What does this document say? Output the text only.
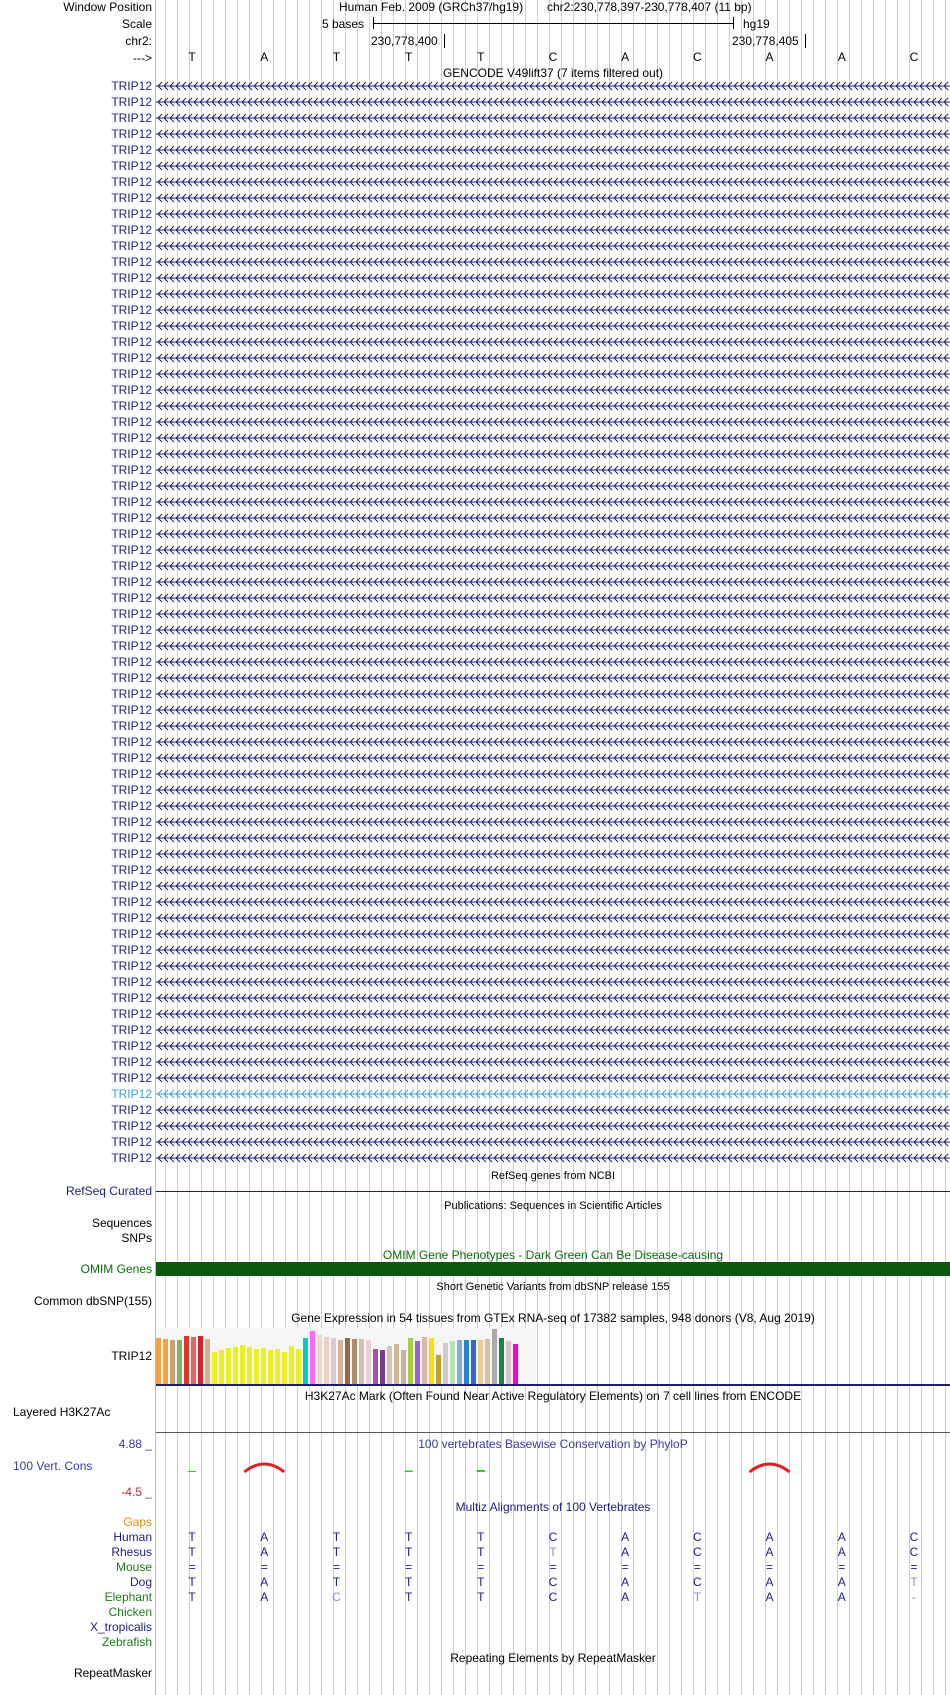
Window Position
Scale
chr2:
--->
Human Feb. 2009 (GRCh37/hg19) chr2:230,778,397-230,778,407 (11 bp)
5 bases	hg19
230,778,400	230,778,405
T	A	T	T	T	C	A	C	A	A	C
GENCODE V49lift37 (7 items filtered out)
TRIP12
TRIP12
TRIP12
TRIP12
TRIP12
TRIP12
TRIP12
TRIP12
TRIP12
TRIP12
TRIP12
TRIP12
TRIP12
TRIP12
TRIP12
TRIP12
TRIP12
TRIP12
TRIP12
TRIP12
TRIP12
TRIP12
TRIP12
TRIP12
TRIP12
TRIP12
TRIP12
TRIP12
TRIP12
TRIP12
TRIP12
TRIP12
TRIP12
TRIP12
TRIP12
TRIP12
TRIP12
TRIP12
TRIP12
TRIP12
TRIP12
TRIP12
TRIP12
TRIP12
TRIP12
TRIP12
TRIP12
TRIP12
TRIP12
TRIP12
TRIP12
TRIP12
TRIP12
TRIP12
TRIP12
TRIP12
TRIP12
TRIP12
TRIP12
TRIP12
TRIP12
TRIP12
TRIP12
TRIP12
TRIP12
TRIP12
TRIP12
TRIP12
RefSeq genes from NCBI
RefSeq Curated
Publications: Sequences in Scientific Articles
Sequences
SNPs
OMIM Gene Phenotypes - Dark Green Can Be Disease-causing
OMIM Genes
Short Genetic Variants from dbSNP release 155
Common dbSNP(155)
Gene Expression in 54 tissues from GTEx RNA-seq of 17382 samples, 948 donors (V8, Aug 2019)
TRIP12
H3K27Ac Mark (Often Found Near Active Regulatory Elements) on 7 cell lines from ENCODE
Layered H3K27Ac
100 vertebrates Basewise Conservation by PhyloP
4.88 _
100 Vert. Cons
-4.5 _
Multiz Alignments of 100 Vertebrates
Gaps
Human	T	A	T	T	T	C	A	C	A	A	C
Rhesus	T	A	T	T	T	T	A	C	A	A	C
Mouse	=	=	=	=	=	=	=	=	=	=	=
Dog	T	A	T	T	T	C	A	C	A	A	T
Elephant	T	A	C	T	T	C	A	T	A	A	-
Chicken
X_tropicalis
Zebrafish
Repeating Elements by RepeatMasker
RepeatMasker
